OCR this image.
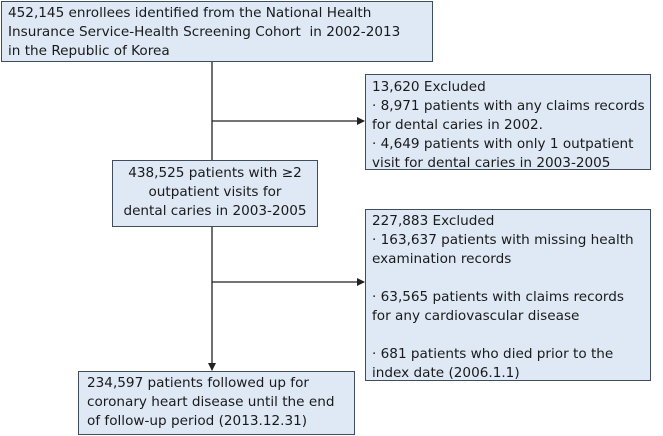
452,145 enrollees identified from the National Health
Insurance Service-Health Screening Cohort  in 2002-2013
in the Republic of Korea
13,620 Excluded
· 8,971 patients with any claims records
for dental caries in 2002.
· 4,649 patients with only 1 outpatient
visit for dental caries in 2003-2005
438,525 patients with ≥2
outpatient visits for
dental caries in 2003-2005
227,883 Excluded
· 163,637 patients with missing health
examination records
· 63,565 patients with claims records
for any cardiovascular disease
· 681 patients who died prior to the
index date (2006.1.1)
234,597 patients followed up for
coronary heart disease until the end
of follow-up period (2013.12.31)
